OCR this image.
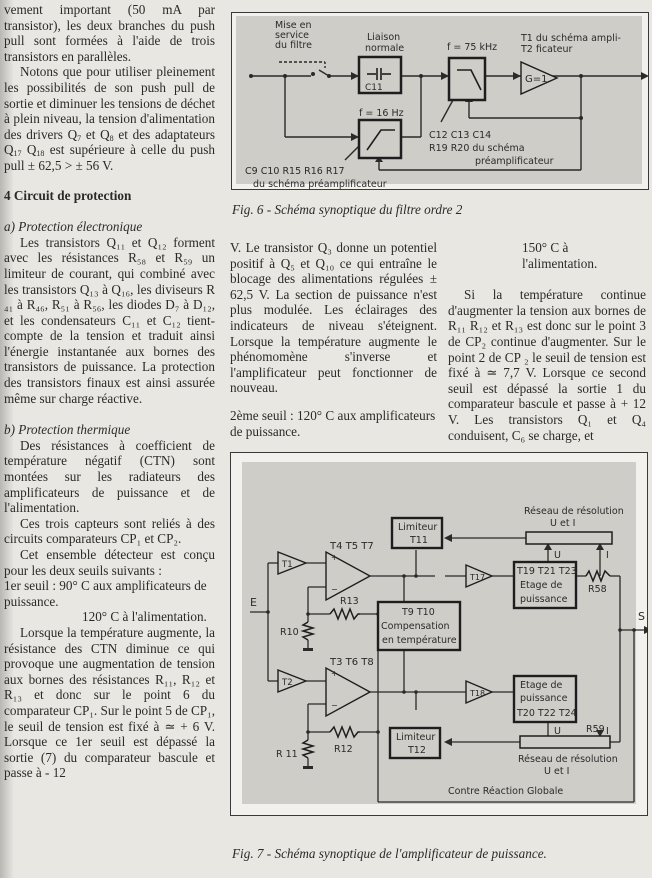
vement important (50 mA par transistor), les deux branches du push pull sont formées à l'aide de trois transistors en parallèles.

Notons que pour utiliser pleinement les possibilités de son push pull de sortie et diminuer les tensions de déchet à plein niveau, la tension d'alimentation des drivers $Q_7$ et $Q_8$ et des adaptateurs $Q_{17}$ $Q_{18}$ est supérieure à celle du push pull ± 62,5 > ± 56 V.

4 Circuit de protection

a) Protection électronique

Les transistors Q₁₁ et Q₁₂ forment avec les résistances R₅₈ et R₅₉ un limiteur de courant, qui combiné avec les transistors Q₁₃ à Q₁₆, les diviseurs R ₄₁ à R₄₆, R₅₁ à R₅₆, les diodes D₇ à D₁₂, et les condensateurs C₁₁ et C₁₂ tient-compte de la tension et traduit ainsi l'énergie instantanée aux bornes des transistors de puissance. La protection des transistors finaux est ainsi assurée même sur charge réactive.

b) Protection thermique

Des résistances à coefficient de température négatif (CTN) sont montées sur les radiateurs des amplificateurs de puissance et de l'alimentation.

Ces trois capteurs sont reliés à des circuits comparateurs CP₁ et CP₂.

Cet ensemble détecteur est conçu pour les deux seuils suivants :

1er seuil : 90° C aux amplificateurs de puissance.

120° C à l'alimentation.

Lorsque la température augmente, la résistance des CTN diminue ce qui provoque une augmentation de tension aux bornes des résistances R₁₁, R₁₂ et R₁₃ et donc sur le point 6 du comparateur CP₁. Sur le point 5 de CP₁, le seuil de tension est fixé à ≃ + 6 V. Lorsque ce 1er seuil est dépassé la sortie (7) du comparateur bascule et passe à - 12

V. Le transistor Q₃ donne un potentiel positif à Q₅ et Q₁₀ ce qui entraîne le blocage des alimentations régulées ± 62,5 V. La section de puissance n'est plus modulée. Les éclairages des indicateurs de niveau s'éteignent. Lorsque la température augmente le phénomomène s'inverse et l'amplificateur peut fonctionner de nouveau.

2ème seuil : 120° C aux amplificateurs de puissance.

150° C à l'alimentation.

Si la température continue d'augmenter la tension aux bornes de R₁₁ R₁₂ et R₁₃ est donc sur le point 3 de CP₂ continue d'augmenter. Sur le point 2 de CP ₂ le seuil de tension est fixé à ≃ 7,7 V. Lorsque ce second seuil est dépassé la sortie 1 du comparateur bascule et passe à + 12 V. Les transistors Q₁ et Q₄ conduisent, C₆ se charge, et

Mise en
service
du filtre
Liaison
normale
C11
f = 16 Hz
f = 75 kHz
G=1
T1 du schéma ampli-
T2 ficateur
C12 C13 C14
R19 R20 du schéma
préamplificateur
C9 C10 R15 R16 R17
du schéma préamplificateur
Fig. 6 - Schéma synoptique du filtre ordre 2
E
S
T1
T2
T4 T5 T7
T3 T6 T8
+
−
+
−
R10
R 11	R12
R13
Limiteur
T11
Limiteur
T12
T9 T10
Compensation
en température
T17
T18
T19 T21 T23
Etage de
puissance
Etage de
puissance
T20 T22 T24
R58
R59
Réseau de résolution
U et I
Réseau de résolution
U et I
U	I
U	I
Contre Réaction Globale
Fig. 7 - Schéma synoptique de l'amplificateur de puissance.
